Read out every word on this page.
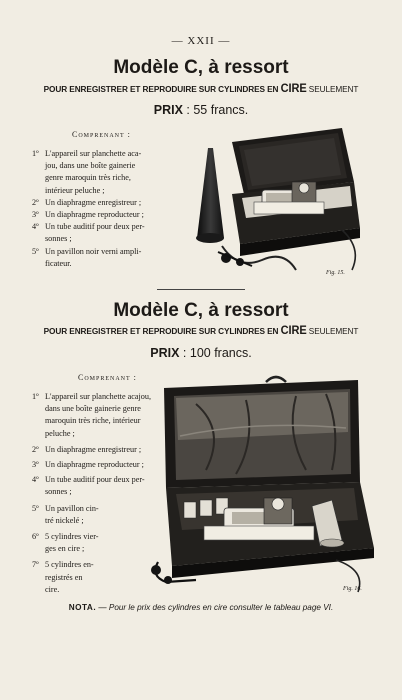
— XXII —
Modèle C, à ressort
POUR ENREGISTRER ET REPRODUIRE SUR CYLINDRES EN CIRE SEULEMENT
PRIX : 55 francs.
Comprenant :
1º L'appareil sur planchette aca-
jou, dans une boîte gainerie
genre maroquin très riche,
intérieur peluche ;
2º Un diaphragme enregistreur ;
3º Un diaphragme reproducteur ;
4º Un tube auditif pour deux per-
sonnes ;
5º Un pavillon noir verni ampli-
ficateur.
Fig. 15.
Modèle C, à ressort
POUR ENREGISTRER ET REPRODUIRE SUR CYLINDRES EN CIRE SEULEMENT
PRIX : 100 francs.
Comprenant :
1º L'appareil sur planchette acajou,
dans une boîte gainerie genre
maroquin très riche, intérieur
peluche ;
2º Un diaphragme enregistreur ;
3º Un diaphragme reproducteur ;
4º Un tube auditif pour deux per-
sonnes ;
5º Un pavillon cin-
tré nickelé ;
6º 5 cylindres vier-
ges en cire ;
7º 5 cylindres en-
registrés en
cire.	Fig. 16.
NOTA. — Pour le prix des cylindres en cire consulter le tableau page VI.
